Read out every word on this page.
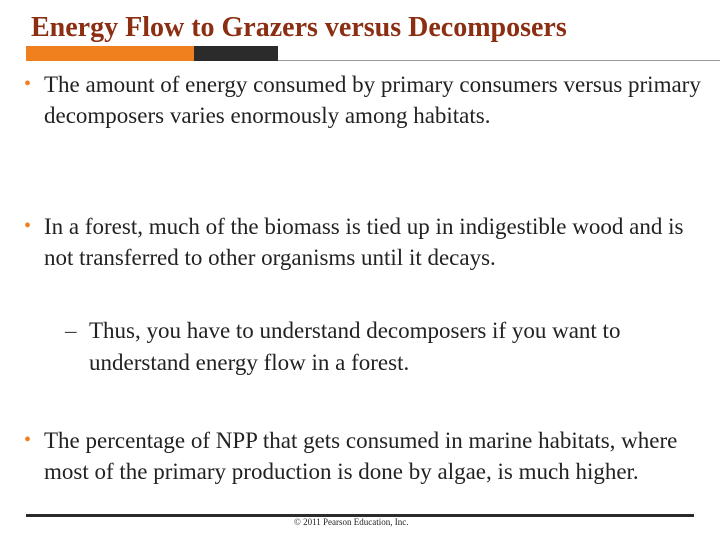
Energy Flow to Grazers versus Decomposers
• The amount of energy consumed by primary consumers versus primary decomposers varies enormously among habitats.
• In a forest, much of the biomass is tied up in indigestible wood and is not transferred to other organisms until it decays.
– Thus, you have to understand decomposers if you want to understand energy flow in a forest.
• The percentage of NPP that gets consumed in marine habitats, where most of the primary production is done by algae, is much higher.
© 2011 Pearson Education, Inc.
